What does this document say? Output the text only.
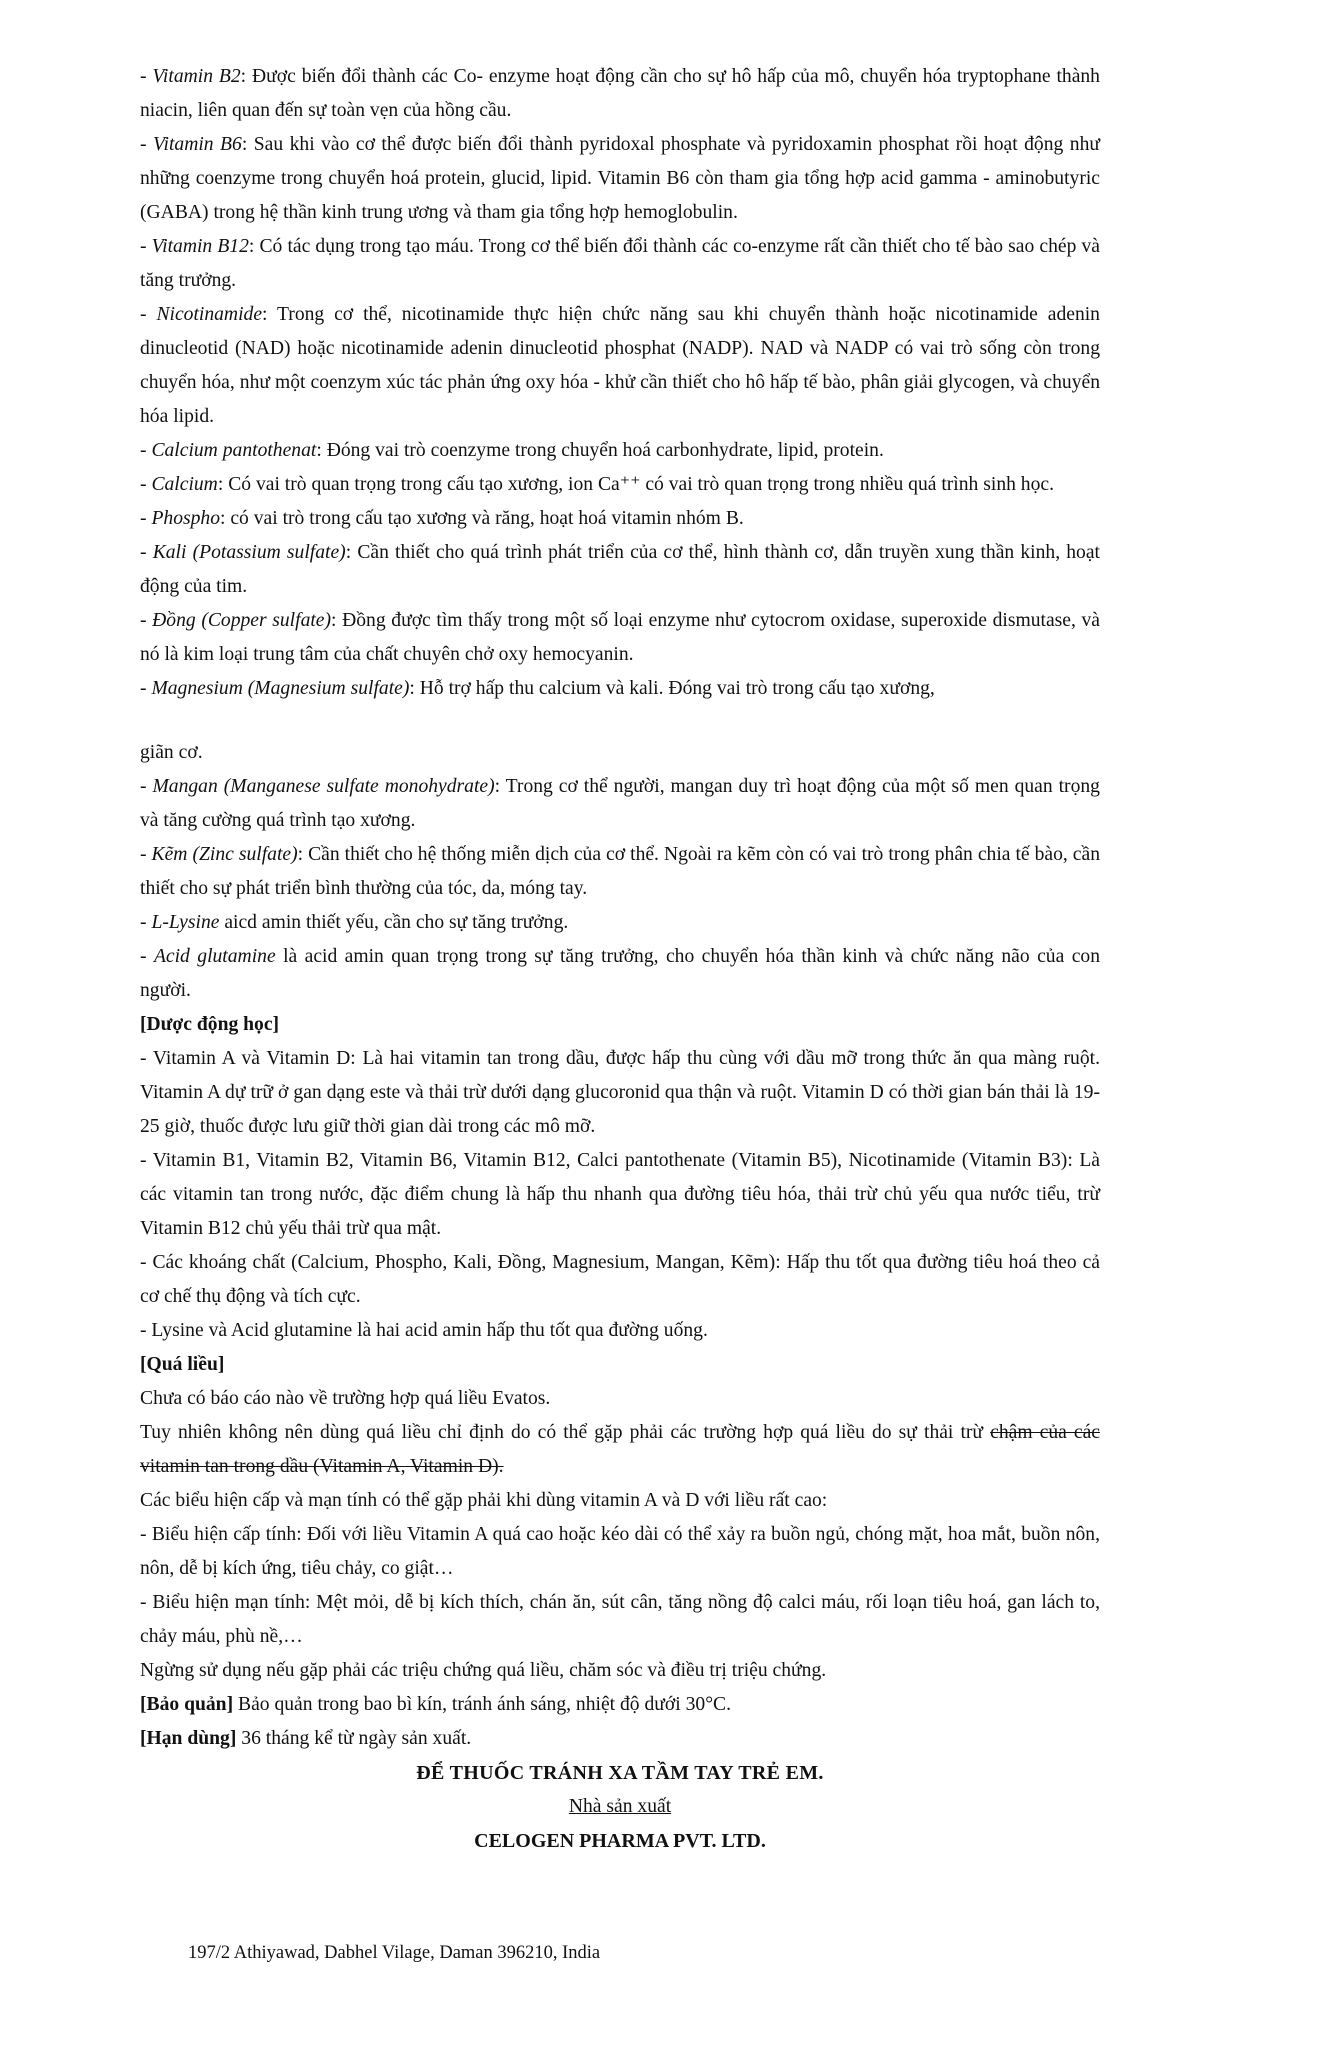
- Vitamin B2: Được biến đổi thành các Co- enzyme hoạt động cần cho sự hô hấp của mô, chuyển hóa tryptophane thành niacin, liên quan đến sự toàn vẹn của hồng cầu.

- Vitamin B6: Sau khi vào cơ thể được biến đổi thành pyridoxal phosphate và pyridoxamin phosphat rồi hoạt động như những coenzyme trong chuyển hoá protein, glucid, lipid. Vitamin B6 còn tham gia tổng hợp acid gamma - aminobutyric (GABA) trong hệ thần kinh trung ương và tham gia tổng hợp hemoglobulin.

- Vitamin B12: Có tác dụng trong tạo máu. Trong cơ thể biến đổi thành các co-enzyme rất cần thiết cho tế bào sao chép và tăng trưởng.

- Nicotinamide: Trong cơ thể, nicotinamide thực hiện chức năng sau khi chuyển thành hoặc nicotinamide adenin dinucleotid (NAD) hoặc nicotinamide adenin dinucleotid phosphat (NADP). NAD và NADP có vai trò sống còn trong chuyển hóa, như một coenzym xúc tác phản ứng oxy hóa - khử cần thiết cho hô hấp tế bào, phân giải glycogen, và chuyển hóa lipid.

- Calcium pantothenat: Đóng vai trò coenzyme trong chuyển hoá carbonhydrate, lipid, protein.

- Calcium: Có vai trò quan trọng trong cấu tạo xương, ion Ca⁺⁺ có vai trò quan trọng trong nhiều quá trình sinh học.

- Phospho: có vai trò trong cấu tạo xương và răng, hoạt hoá vitamin nhóm B.

- Kali (Potassium sulfate): Cần thiết cho quá trình phát triển của cơ thể, hình thành cơ, dẫn truyền xung thần kinh, hoạt động của tim.

- Đồng (Copper sulfate): Đồng được tìm thấy trong một số loại enzyme như cytocrom oxidase, superoxide dismutase, và nó là kim loại trung tâm của chất chuyên chở oxy hemocyanin.

- Magnesium (Magnesium sulfate): Hỗ trợ hấp thu calcium và kali. Đóng vai trò trong cấu tạo xương,

giãn cơ.

- Mangan (Manganese sulfate monohydrate): Trong cơ thể người, mangan duy trì hoạt động của một số men quan trọng và tăng cường quá trình tạo xương.

- Kẽm (Zinc sulfate): Cần thiết cho hệ thống miễn dịch của cơ thể. Ngoài ra kẽm còn có vai trò trong phân chia tế bào, cần thiết cho sự phát triển bình thường của tóc, da, móng tay.

- L-Lysine aicd amin thiết yếu, cần cho sự tăng trưởng.

- Acid glutamine là acid amin quan trọng trong sự tăng trưởng, cho chuyển hóa thần kinh và chức năng não của con người.

[Dược động học]

- Vitamin A và Vitamin D: Là hai vitamin tan trong dầu, được hấp thu cùng với dầu mỡ trong thức ăn qua màng ruột. Vitamin A dự trữ ở gan dạng este và thải trừ dưới dạng glucoronid qua thận và ruột. Vitamin D có thời gian bán thải là 19-25 giờ, thuốc được lưu giữ thời gian dài trong các mô mỡ.

- Vitamin B1, Vitamin B2, Vitamin B6, Vitamin B12, Calci pantothenate (Vitamin B5), Nicotinamide (Vitamin B3): Là các vitamin tan trong nước, đặc điểm chung là hấp thu nhanh qua đường tiêu hóa, thải trừ chủ yếu qua nước tiểu, trừ Vitamin B12 chủ yếu thải trừ qua mật.

- Các khoáng chất (Calcium, Phospho, Kali, Đồng, Magnesium, Mangan, Kẽm): Hấp thu tốt qua đường tiêu hoá theo cả cơ chế thụ động và tích cực.

- Lysine và Acid glutamine là hai acid amin hấp thu tốt qua đường uống.

[Quá liều]

Chưa có báo cáo nào về trường hợp quá liều Evatos.

Tuy nhiên không nên dùng quá liều chỉ định do có thể gặp phải các trường hợp quá liều do sự thải trừ chậm của các vitamin tan trong dầu (Vitamin A, Vitamin D).

Các biểu hiện cấp và mạn tính có thể gặp phải khi dùng vitamin A và D với liều rất cao:

- Biểu hiện cấp tính: Đối với liều Vitamin A quá cao hoặc kéo dài có thể xảy ra buồn ngủ, chóng mặt, hoa mắt, buồn nôn, nôn, dễ bị kích ứng, tiêu chảy, co giật…

- Biểu hiện mạn tính: Mệt mỏi, dễ bị kích thích, chán ăn, sút cân, tăng nồng độ calci máu, rối loạn tiêu hoá, gan lách to, chảy máu, phù nề,…

Ngừng sử dụng nếu gặp phải các triệu chứng quá liều, chăm sóc và điều trị triệu chứng.

[Bảo quản] Bảo quản trong bao bì kín, tránh ánh sáng, nhiệt độ dưới 30°C.

[Hạn dùng] 36 tháng kể từ ngày sản xuất.

ĐỂ THUỐC TRÁNH XA TẦM TAY TRẺ EM.

Nhà sản xuất

CELOGEN PHARMA PVT. LTD.

197/2 Athiyawad, Dabhel Vilage, Daman 396210, India
